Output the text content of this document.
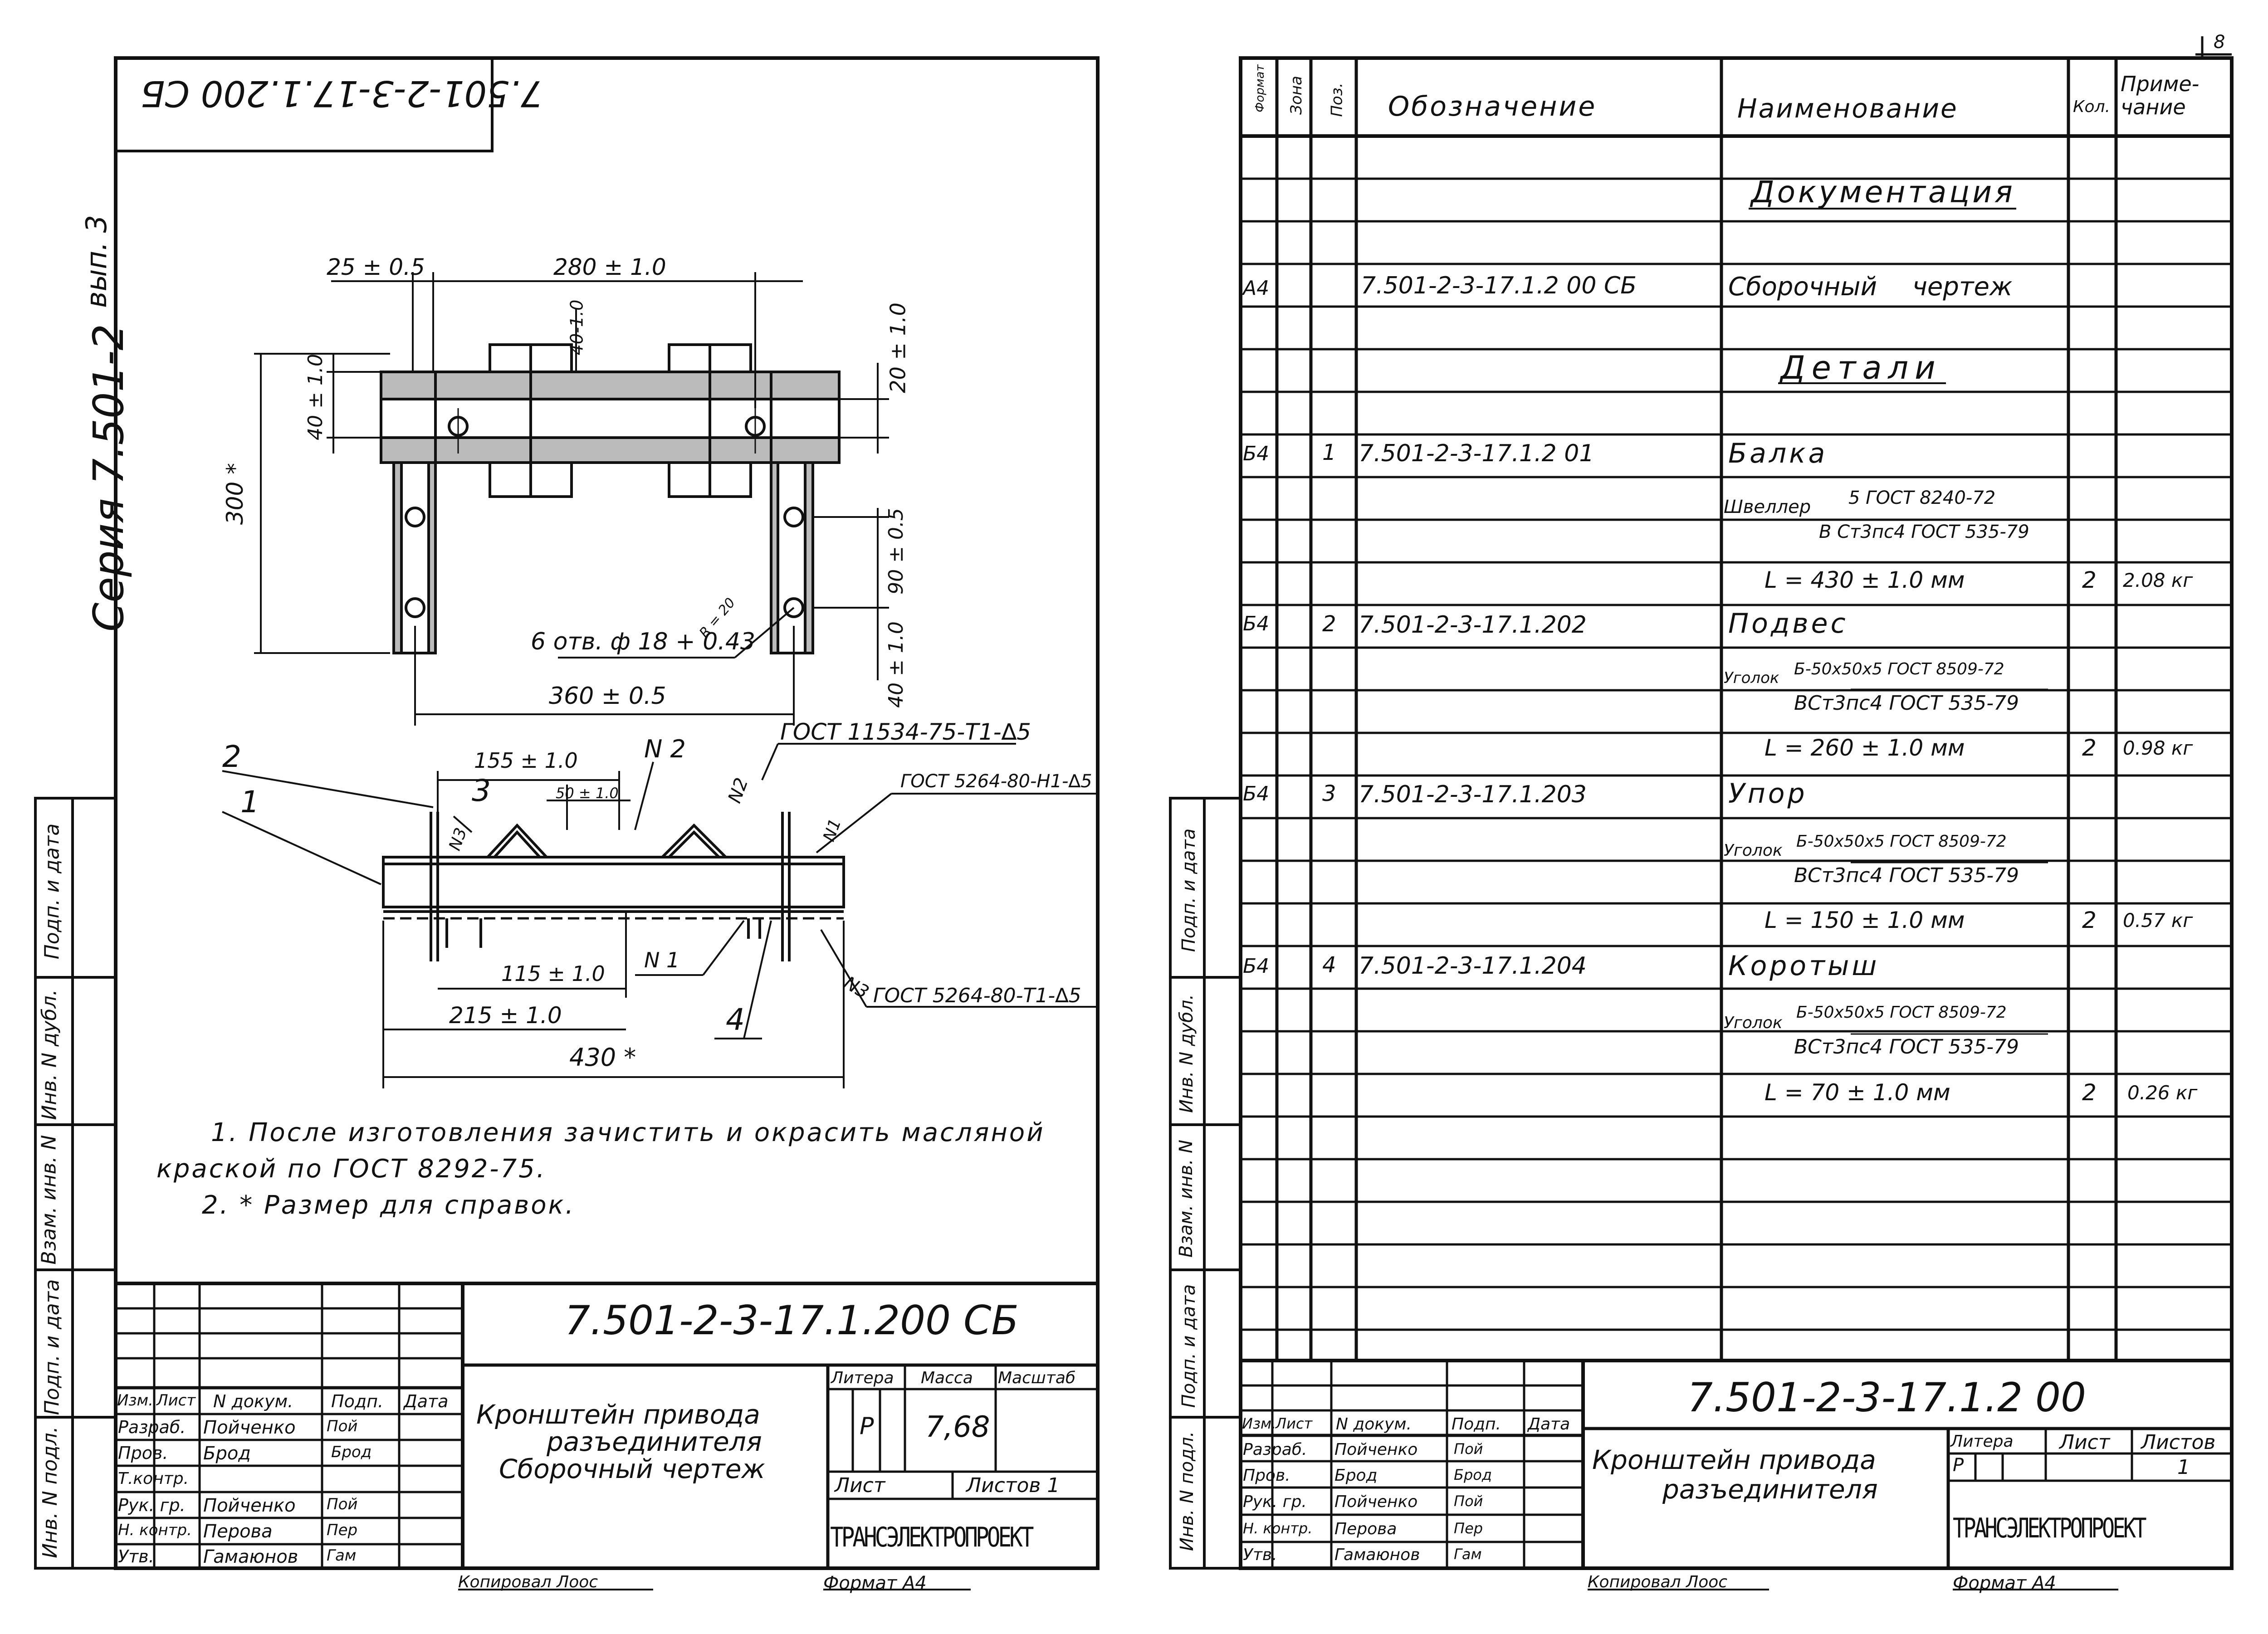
7.501-2-3-17.1.200 СБ
Серия 7.501-2
вып. 3
Инв. N подл.
Подп. и дата
Взам. инв. N
Инв. N дубл.
Подп. и дата
25 ± 0.5	280 ± 1.0
40-1.0	20 ± 1.0
40 ± 1.0
300 *
90 ± 0.5
40 ± 1.0
6 отв. ф 18 + 0.43
R = 20
360 ± 0.5
2
1	3
4
155 ± 1.0
50 ± 1.0
N 2
N2
N3	N1
ГОСТ 11534-75-Т1-∆5
ГОСТ 5264-80-Н1-∆5
115 ± 1.0
N 1
N3 ГОСТ 5264-80-Т1-∆5
215 ± 1.0
430 *
1. После изготовления зачистить и окрасить масляной
краской по ГОСТ 8292-75.
2. * Размер для справок.
7.501-2-3-17.1.200 СБ
Кронштейн привода
разъединителя
Сборочный чертеж
Литера Масса Масштаб
Р 7,68
Лист	Листов 1
ТРАНСЭЛЕКТРОПРОЕКТ
Изм. Лист N докум. Подп. Дата
Разраб. Пойченко Пой
Пров. Брод	Брод
Т.контр.
Рук. гр. Пойченко Пой
Н. контр. Перова	Пер
Утв.	Гамаюнов Гам
Копировал Лоос	Формат А4
8
Формат Зона Поз. Обозначение	Наименование	Кол.
Приме-
чание
Документация
А4	7.501-2-3-17.1.2 00 СБ	Сборочный чертеж
Детали
Б4 1 7.501-2-3-17.1.2 01	Балка
Швеллер 5 ГОСТ 8240-72
В Ст3пс4 ГОСТ 535-79
L = 430 ± 1.0 мм	2 2.08 кг
Б4 2 7.501-2-3-17.1.202	Подвес
Уголок Б-50х50х5 ГОСТ 8509-72
ВСт3пс4 ГОСТ 535-79
L = 260 ± 1.0 мм	2 0.98 кг
Б4 3 7.501-2-3-17.1.203	Упор
Уголок Б-50х50х5 ГОСТ 8509-72
ВСт3пс4 ГОСТ 535-79
L = 150 ± 1.0 мм	2 0.57 кг
Б4 4 7.501-2-3-17.1.204	Коротыш
Уголок
Б-50х50х5 ГОСТ 8509-72
ВСт3пс4 ГОСТ 535-79
L = 70 ± 1.0 мм	2 0.26 кг
Инв. N подл.
Подп. и дата
Взам. инв. N
Инв. N дубл.
Подп. и дата
7.501-2-3-17.1.2 00
Кронштейн привода
разъединителя
Литера Лист Листов
Р	1
ТРАНСЭЛЕКТРОПРОЕКТ
Изм.
Лист N докум. Подп. Дата
Разраб. Пойченко Пой
Пров.	Брод	Брод
Рук. гр. Пойченко Пой
Н. контр. Перова	Пер
Утв.	Гамаюнов Гам
Копировал Лоос	Формат А4
